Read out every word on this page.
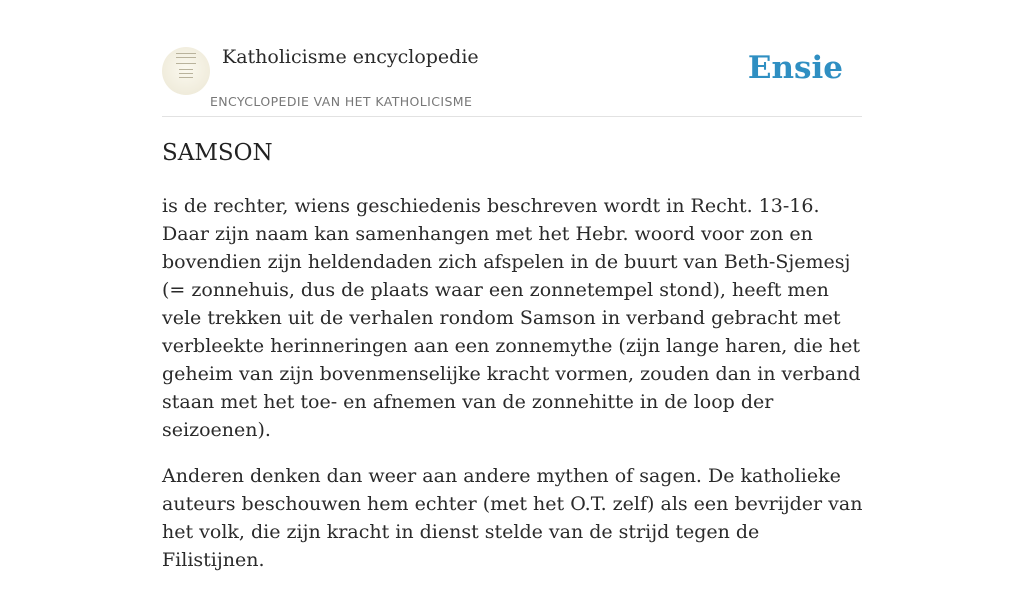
Katholicisme encyclopedie
ENCYCLOPEDIE VAN HET KATHOLICISME
Ensie
SAMSON

is de rechter, wiens geschiedenis beschreven wordt in Recht. 13-16. Daar zijn naam kan samenhangen met het Hebr. woord voor zon en bovendien zijn heldendaden zich afspelen in de buurt van Beth-Sjemesj (= zonnehuis, dus de plaats waar een zonnetempel stond), heeft men vele trekken uit de verhalen rondom Samson in verband gebracht met verbleekte herinneringen aan een zonnemythe (zijn lange haren, die het geheim van zijn bovenmenselijke kracht vormen, zouden dan in verband staan met het toe- en afnemen van de zonnehitte in de loop der seizoenen).

Anderen denken dan weer aan andere mythen of sagen. De katholieke auteurs beschouwen hem echter (met het O.T. zelf) als een bevrijder van het volk, die zijn kracht in dienst stelde van de strijd tegen de Filistijnen.
